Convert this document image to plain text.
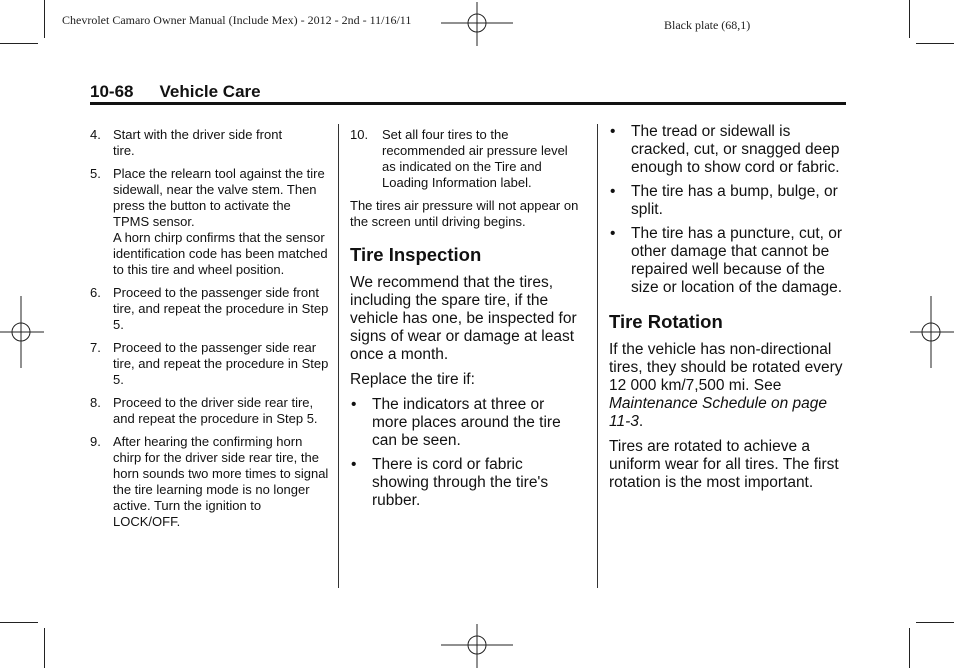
Chevrolet Camaro Owner Manual (Include Mex) - 2012 - 2nd - 11/16/11	Black plate (68,1)
10-68 Vehicle Care
4. Start with the driver side front tire.
5. Place the relearn tool against the tire sidewall, near the valve stem. Then press the button to activate the TPMS sensor.
A horn chirp confirms that the sensor identification code has been matched to this tire and wheel position.
6. Proceed to the passenger side front tire, and repeat the procedure in Step 5.
7. Proceed to the passenger side rear tire, and repeat the procedure in Step 5.
8. Proceed to the driver side rear tire, and repeat the procedure in Step 5.
9. After hearing the confirming horn chirp for the driver side rear tire, the horn sounds two more times to signal the tire learning mode is no longer active. Turn the ignition to LOCK/OFF.
10. Set all four tires to the recommended air pressure level as indicated on the Tire and Loading Information label.

The tires air pressure will not appear on the screen until driving begins.

Tire Inspection

We recommend that the tires, including the spare tire, if the vehicle has one, be inspected for signs of wear or damage at least once a month.

Replace the tire if:

• The indicators at three or more places around the tire can be seen.
• There is cord or fabric showing through the tire's rubber.
• The tread or sidewall is cracked, cut, or snagged deep enough to show cord or fabric.
• The tire has a bump, bulge, or split.
• The tire has a puncture, cut, or other damage that cannot be repaired well because of the size or location of the damage.
Tire Rotation

If the vehicle has non-directional tires, they should be rotated every 12 000 km/7,500 mi. See Maintenance Schedule on page 11-3.

Tires are rotated to achieve a uniform wear for all tires. The first rotation is the most important.
